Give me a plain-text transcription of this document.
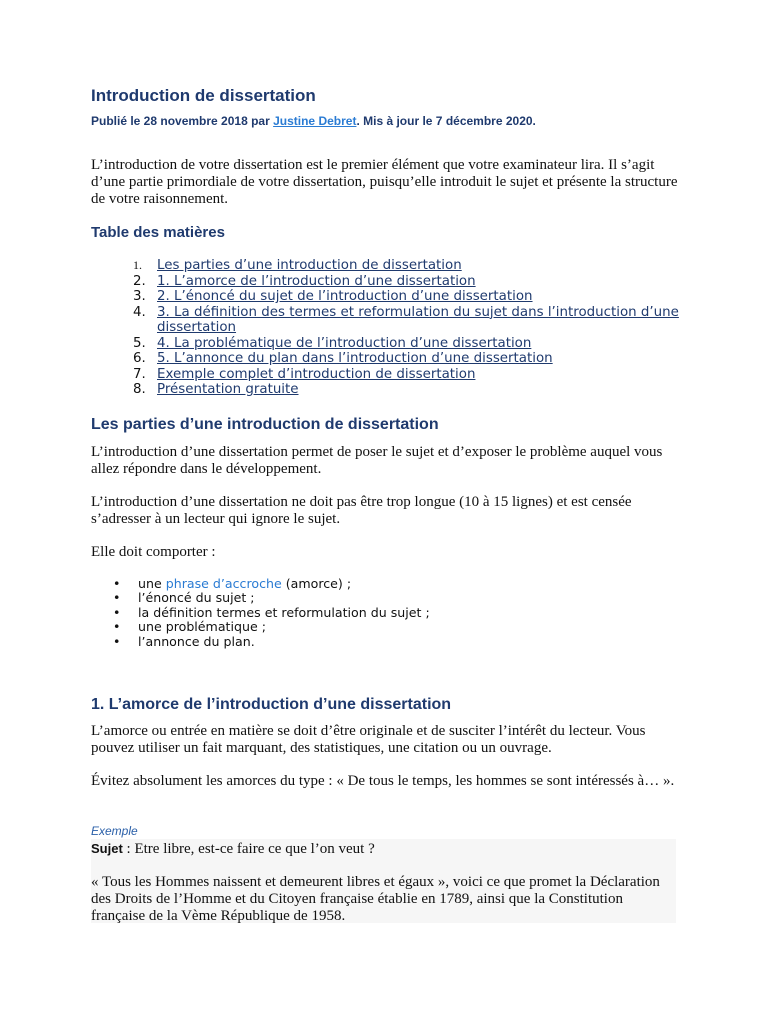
Introduction de dissertation
Publié le 28 novembre 2018 par Justine Debret. Mis à jour le 7 décembre 2020.

L’introduction de votre dissertation est le premier élément que votre examinateur lira. Il s’agit d’une partie primordiale de votre dissertation, puisqu’elle introduit le sujet et présente la structure de votre raisonnement.

Table des matières
1. Les parties d’une introduction de dissertation
2. 1. L’amorce de l’introduction d’une dissertation
3. 2. L’énoncé du sujet de l’introduction d’une dissertation
4. 3. La définition des termes et reformulation du sujet dans l’introduction d’une dissertation
5. 4. La problématique de l’introduction d’une dissertation
6. 5. L’annonce du plan dans l’introduction d’une dissertation
7. Exemple complet d’introduction de dissertation
8. Présentation gratuite
Les parties d’une introduction de dissertation

L’introduction d’une dissertation permet de poser le sujet et d’exposer le problème auquel vous allez répondre dans le développement.

L’introduction d’une dissertation ne doit pas être trop longue (10 à 15 lignes) et est censée s’adresser à un lecteur qui ignore le sujet.

Elle doit comporter :

• une phrase d’accroche (amorce) ;
• l’énoncé du sujet ;
• la définition termes et reformulation du sujet ;
• une problématique ;
• l’annonce du plan.
1. L’amorce de l’introduction d’une dissertation

L’amorce ou entrée en matière se doit d’être originale et de susciter l’intérêt du lecteur. Vous pouvez utiliser un fait marquant, des statistiques, une citation ou un ouvrage.

Évitez absolument les amorces du type : « De tous le temps, les hommes se sont intéressés à… ».

Exemple

Sujet : Etre libre, est-ce faire ce que l’on veut ?

« Tous les Hommes naissent et demeurent libres et égaux », voici ce que promet la Déclaration des Droits de l’Homme et du Citoyen française établie en 1789, ainsi que la Constitution française de la Vème République de 1958.
